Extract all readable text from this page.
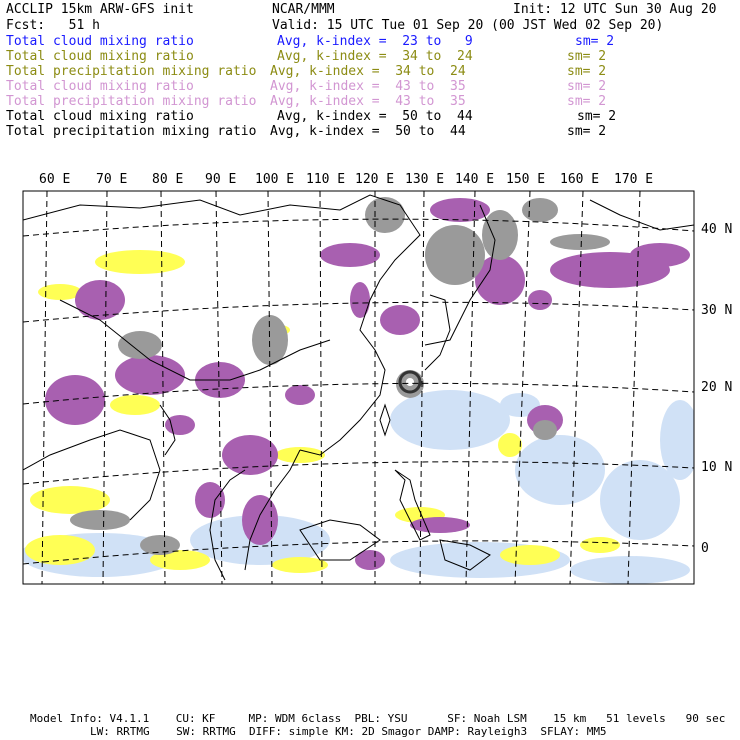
ACCLIP 15km ARW-GFS init	NCAR/MMM	Init: 12 UTC Sun 30 Aug 20
Fcst:   51 h	Valid: 15 UTC Tue 01 Sep 20 (00 JST Wed 02 Sep 20)
Total cloud mixing ratio	Avg, k-index =  23 to   9	sm= 2
Total cloud mixing ratio	Avg, k-index =  34 to  24	sm= 2
Total precipitation mixing ratio Avg, k-index =  34 to  24	sm= 2
Total cloud mixing ratio	Avg, k-index =  43 to  35	sm= 2
Total precipitation mixing ratio Avg, k-index =  43 to  35	sm= 2
Total cloud mixing ratio	Avg, k-index =  50 to  44	sm= 2
Total precipitation mixing ratio Avg, k-index =  50 to  44	sm= 2
60 E 70 E 80 E 90 E 100 E 110 E 120 E 130 E 140 E 150 E 160 E 170 E
40 N
30 N
20 N
10 N
0
Model Info: V4.1.1    CU: KF     MP: WDM 6class  PBL: YSU      SF: Noah LSM    15 km   51 levels   90 sec
LW: RRTMG    SW: RRTMG  DIFF: simple KM: 2D Smagor DAMP: Rayleigh3  SFLAY: MM5
